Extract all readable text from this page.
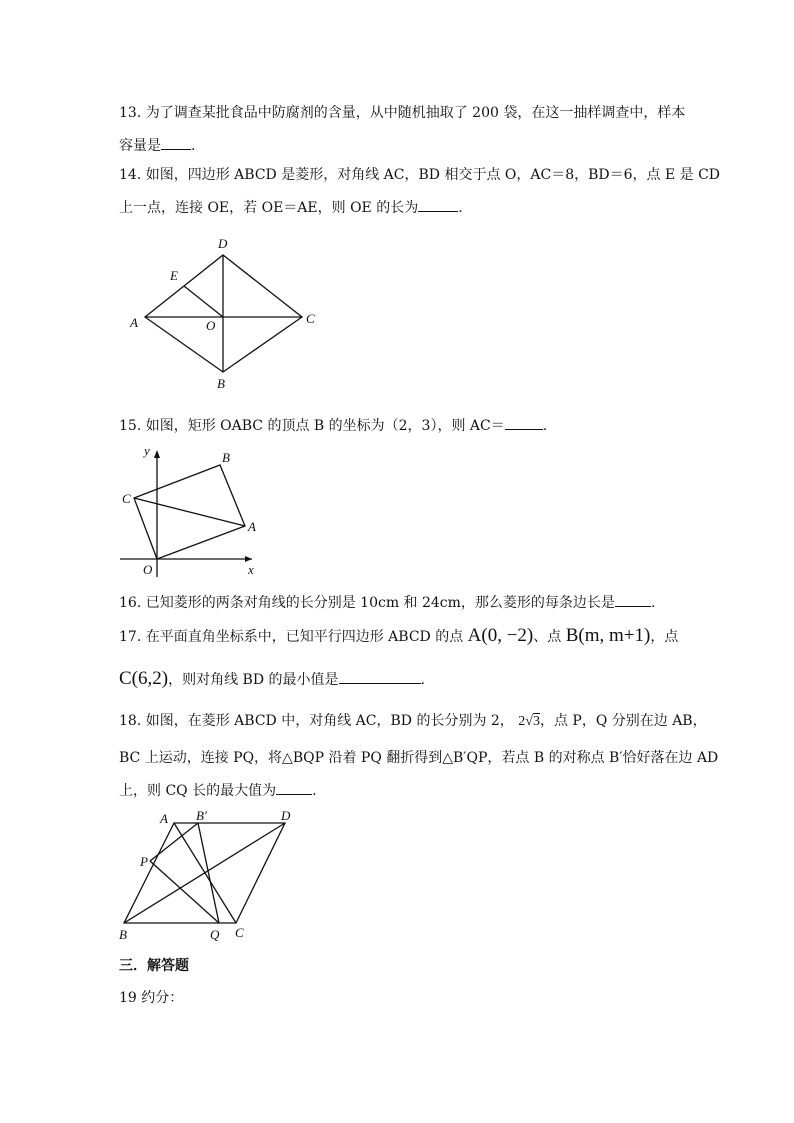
13. 为了调查某批食品中防腐剂的含量，从中随机抽取了 200 袋，在这一抽样调查中，样本
容量是 .
14. 如图，四边形 ABCD 是菱形，对角线 AC，BD 相交于点 O，AC＝8，BD＝6，点 E 是 CD
上一点，连接 OE，若 OE＝AE，则 OE 的长为	.
D
E
A	O	C
B
y	B
C
A
O	x
A B′	D
P
B	Q C
15. 如图，矩形 OABC 的顶点 B 的坐标为（2，3），则 AC＝	.
16. 已知菱形的两条对角线的长分别是 10cm 和 24cm，那么菱形的每条边长是	.
17. 在平面直角坐标系中，已知平行四边形 ABCD 的点 A(0, −2)、点 B(m, m+1)，点
C(6,2)，则对角线 BD 的最小值是	.
18. 如图，在菱形 ABCD 中，对角线 AC，BD 的长分别为 2， 2√3，点 P，Q 分别在边 AB，
BC 上运动，连接 PQ，将△BQP 沿着 PQ 翻折得到△B′QP，若点 B 的对称点 B′恰好落在边 AD
上，则 CQ 长的最大值为	.
三．解答题
19 约分：
